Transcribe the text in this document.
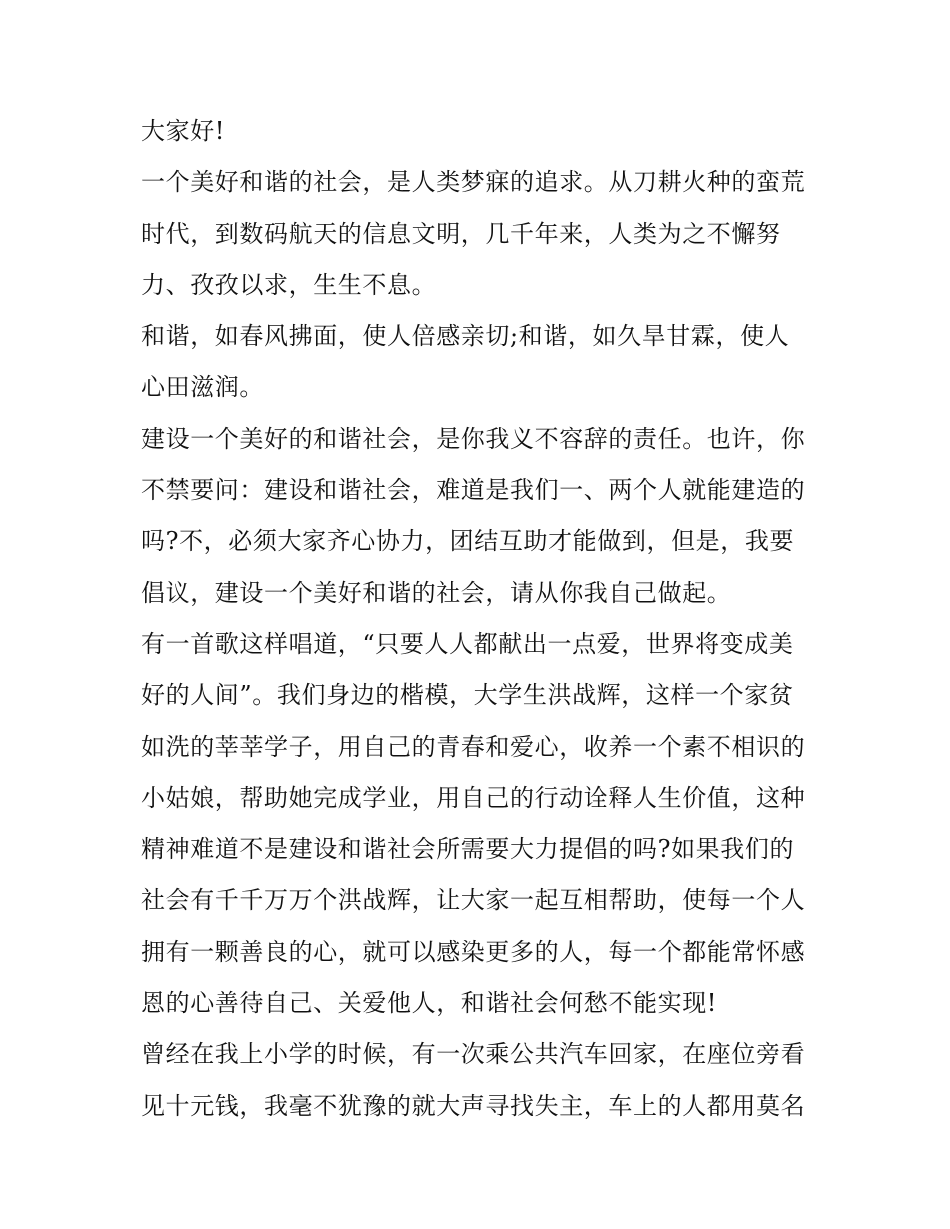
大家好!
一个美好和谐的社会，是人类梦寐的追求。从刀耕火种的蛮荒
时代，到数码航天的信息文明，几千年来，人类为之不懈努
力、孜孜以求，生生不息。
和谐，如春风拂面，使人倍感亲切;和谐，如久旱甘霖，使人
心田滋润。
建设一个美好的和谐社会，是你我义不容辞的责任。也许，你
不禁要问：建设和谐社会，难道是我们一、两个人就能建造的
吗?不，必须大家齐心协力，团结互助才能做到，但是，我要
倡议，建设一个美好和谐的社会，请从你我自己做起。
有一首歌这样唱道，“只要人人都献出一点爱，世界将变成美
好的人间”。我们身边的楷模，大学生洪战辉，这样一个家贫
如洗的莘莘学子，用自己的青春和爱心，收养一个素不相识的
小姑娘，帮助她完成学业，用自己的行动诠释人生价值，这种
精神难道不是建设和谐社会所需要大力提倡的吗?如果我们的
社会有千千万万个洪战辉，让大家一起互相帮助，使每一个人
拥有一颗善良的心，就可以感染更多的人，每一个都能常怀感
恩的心善待自己、关爱他人，和谐社会何愁不能实现!
曾经在我上小学的时候，有一次乘公共汽车回家，在座位旁看
见十元钱，我毫不犹豫的就大声寻找失主，车上的人都用莫名
